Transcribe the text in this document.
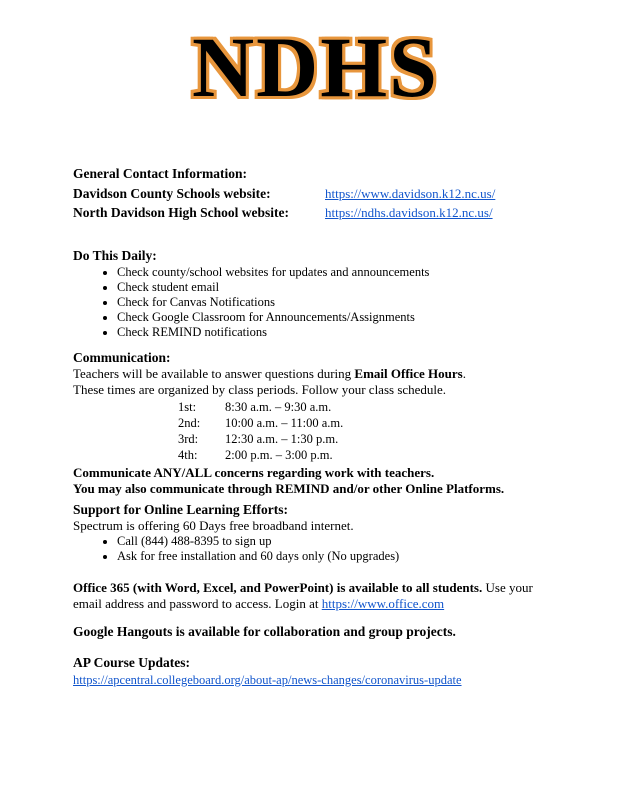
NDHS
General Contact Information:
Davidson County Schools website:	https://www.davidson.k12.nc.us/
North Davidson High School website:	https://ndhs.davidson.k12.nc.us/
Do This Daily:
• Check county/school websites for updates and announcements
• Check student email
• Check for Canvas Notifications
• Check Google Classroom for Announcements/Assignments
• Check REMIND notifications
Communication:
Teachers will be available to answer questions during Email Office Hours.
These times are organized by class periods. Follow your class schedule.
1st: 8:30 a.m. – 9:30 a.m.
2nd: 10:00 a.m. – 11:00 a.m.
3rd: 12:30 a.m. – 1:30 p.m.
4th: 2:00 p.m. – 3:00 p.m.
Communicate ANY/ALL concerns regarding work with teachers.
You may also communicate through REMIND and/or other Online Platforms.
Support for Online Learning Efforts:
Spectrum is offering 60 Days free broadband internet.
• Call (844) 488-8395 to sign up
• Ask for free installation and 60 days only (No upgrades)
Office 365 (with Word, Excel, and PowerPoint) is available to all students. Use your email address and password to access. Login at https://www.office.com
Google Hangouts is available for collaboration and group projects.
AP Course Updates:
https://apcentral.collegeboard.org/about-ap/news-changes/coronavirus-update
